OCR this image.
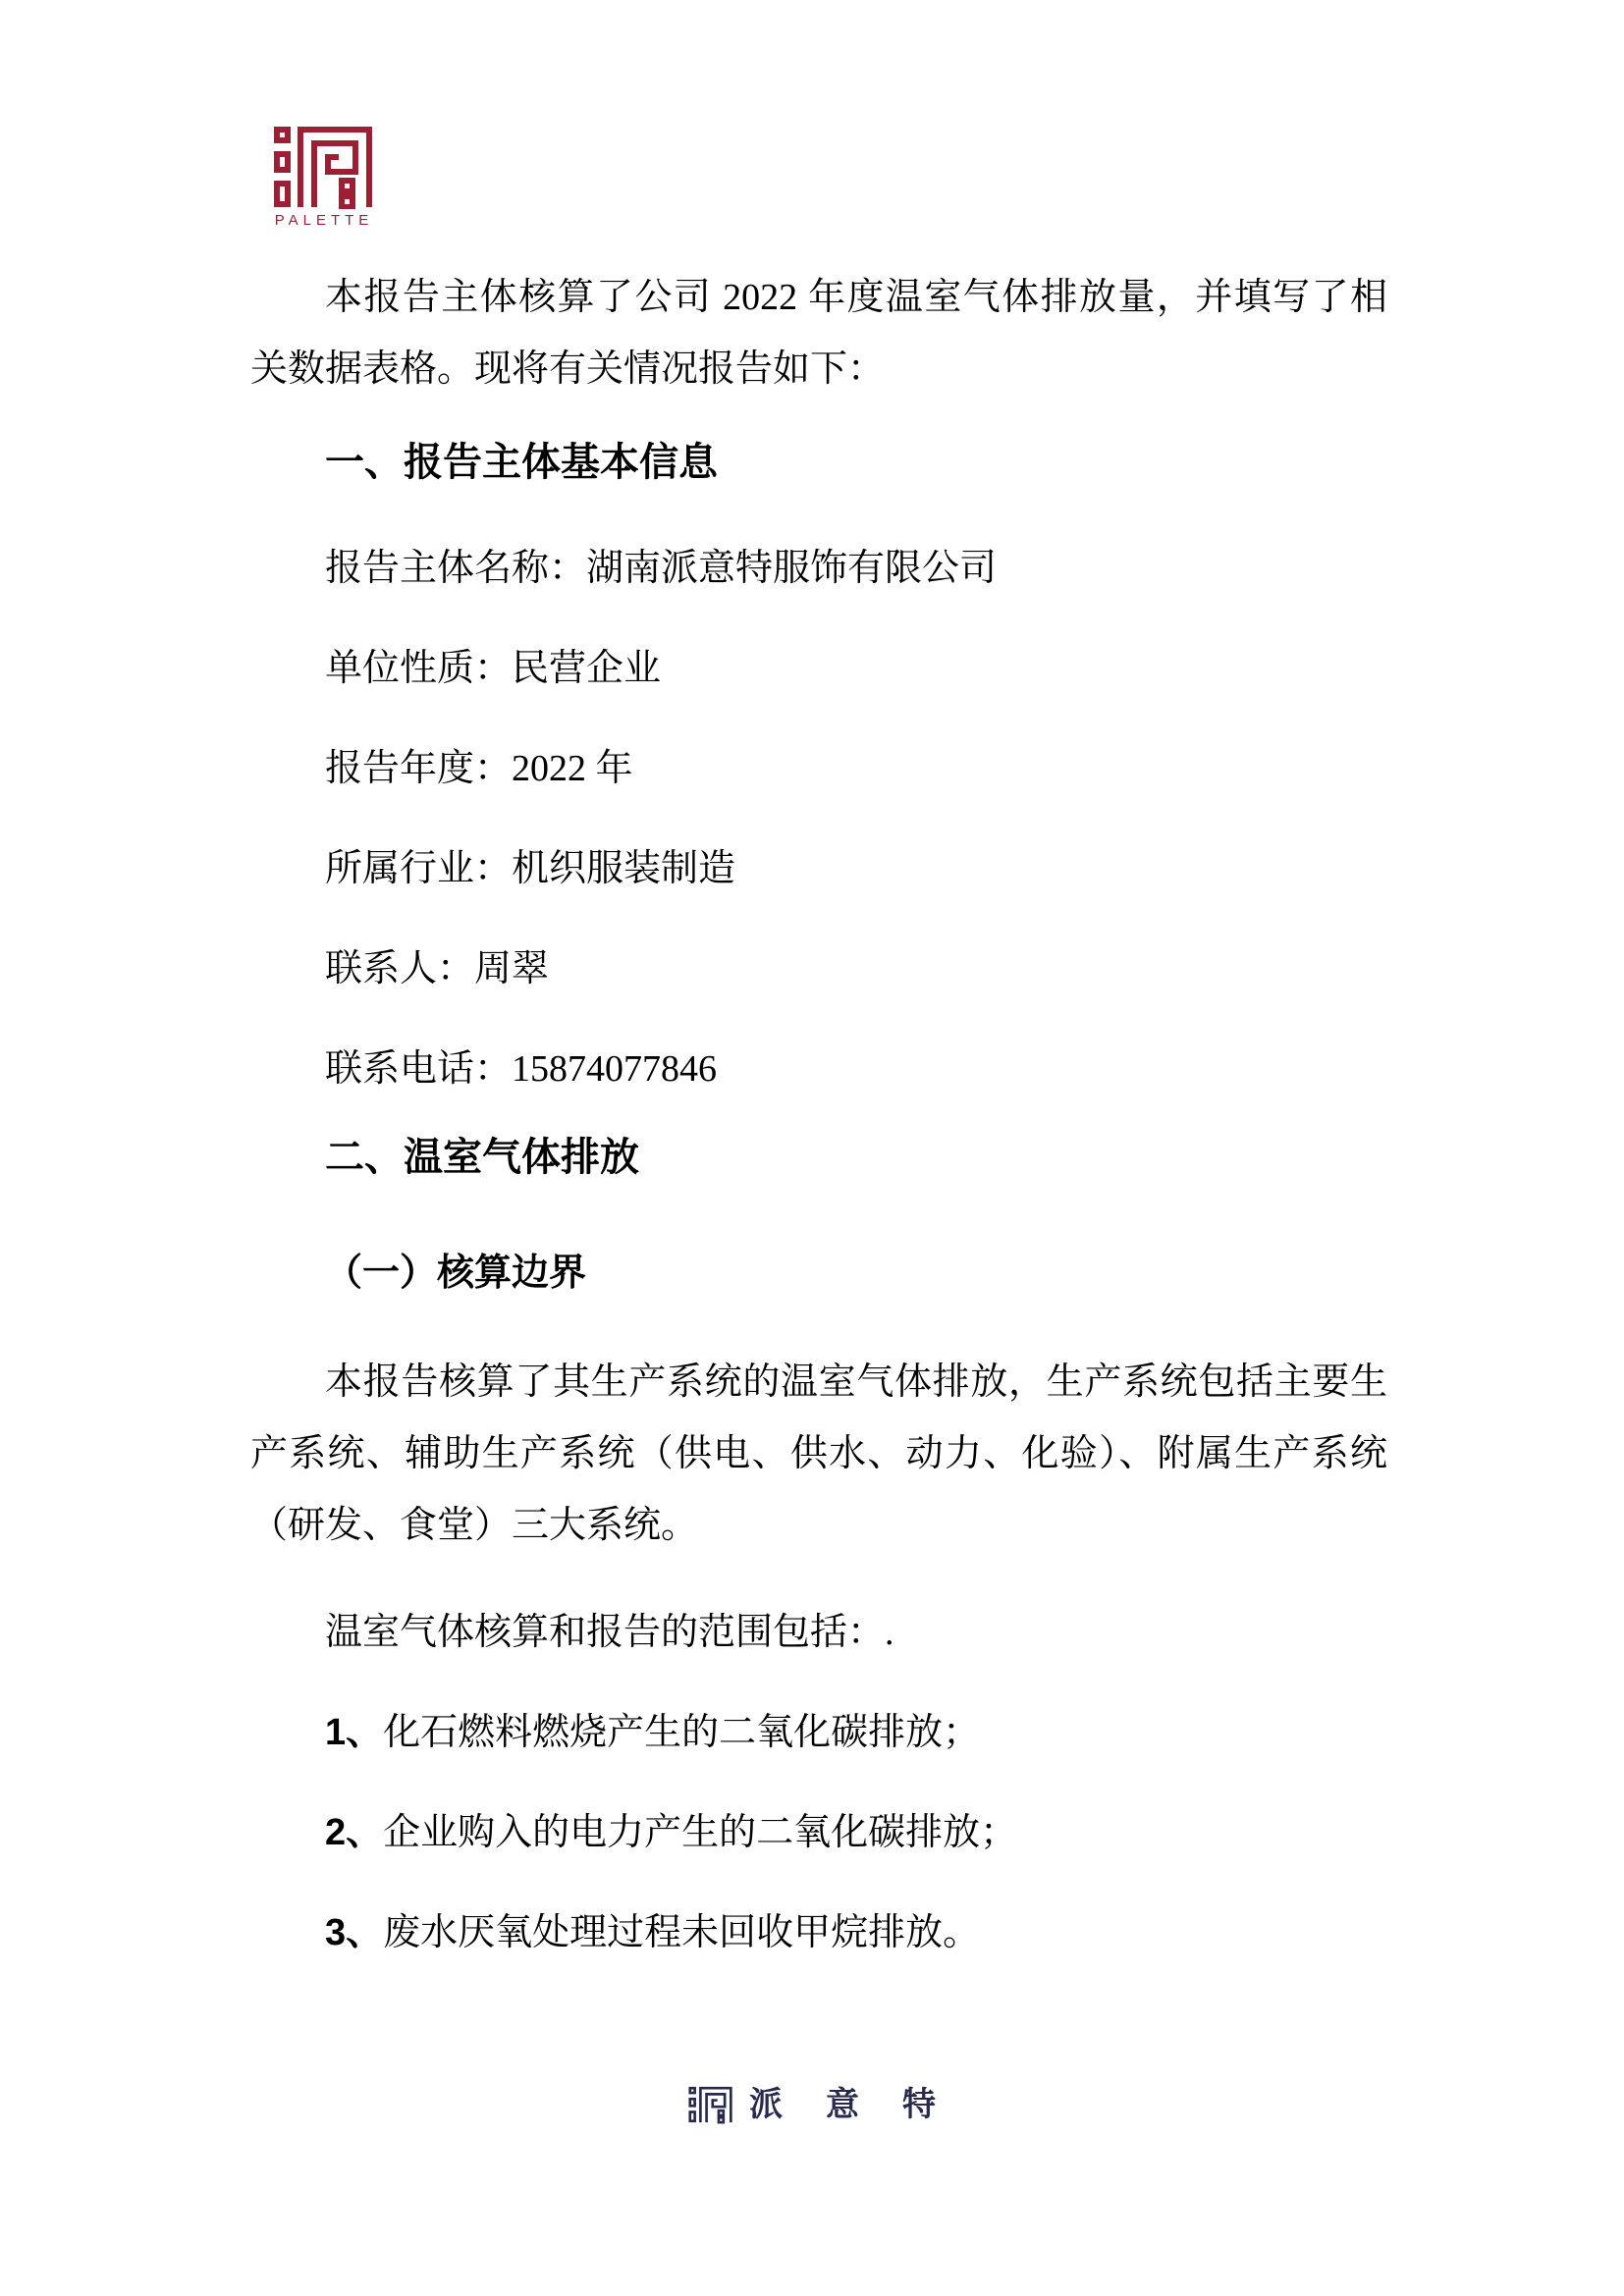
PALETTE
本报告主体核算了公司 2022 年度温室气体排放量，并填写了相
关数据表格。现将有关情况报告如下：
一、报告主体基本信息
报告主体名称：湖南派意特服饰有限公司
单位性质：民营企业
报告年度：2022 年
所属行业：机织服装制造
联系人：周翠
联系电话：15874077846
二、温室气体排放
（一）核算边界
本报告核算了其生产系统的温室气体排放，生产系统包括主要生
产系统、辅助生产系统（供电、供水、动力、化验）、附属生产系统
（研发、食堂）三大系统。
温室气体核算和报告的范围包括：.
1、化石燃料燃烧产生的二氧化碳排放；
2、企业购入的电力产生的二氧化碳排放；
3、废水厌氧处理过程未回收甲烷排放。
派意特
